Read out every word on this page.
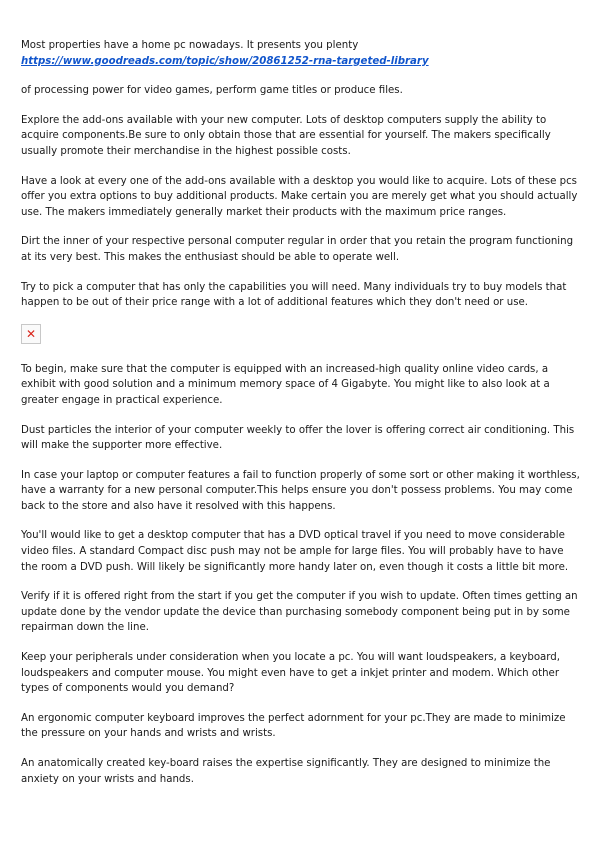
Most properties have a home pc nowadays. It presents you plenty

https://www.goodreads.com/topic/show/20861252-rna-targeted-library

of processing power for video games, perform game titles or produce files.

Explore the add-ons available with your new computer. Lots of desktop computers supply the ability to acquire components.Be sure to only obtain those that are essential for yourself. The makers specifically usually promote their merchandise in the highest possible costs.

Have a look at every one of the add-ons available with a desktop you would like to acquire. Lots of these pcs offer you extra options to buy additional products. Make certain you are merely get what you should actually use. The makers immediately generally market their products with the maximum price ranges.

Dirt the inner of your respective personal computer regular in order that you retain the program functioning at its very best. This makes the enthusiast should be able to operate well.

Try to pick a computer that has only the capabilities you will need. Many individuals try to buy models that happen to be out of their price range with a lot of additional features which they don't need or use.

✕

To begin, make sure that the computer is equipped with an increased-high quality online video cards, a exhibit with good solution and a minimum memory space of 4 Gigabyte. You might like to also look at a greater engage in practical experience.

Dust particles the interior of your computer weekly to offer the lover is offering correct air conditioning. This will make the supporter more effective.

In case your laptop or computer features a fail to function properly of some sort or other making it worthless, have a warranty for a new personal computer.This helps ensure you don't possess problems. You may come back to the store and also have it resolved with this happens.

You'll would like to get a desktop computer that has a DVD optical travel if you need to move considerable video files. A standard Compact disc push may not be ample for large files. You will probably have to have the room a DVD push. Will likely be significantly more handy later on, even though it costs a little bit more.

Verify if it is offered right from the start if you get the computer if you wish to update. Often times getting an update done by the vendor update the device than purchasing somebody component being put in by some repairman down the line.

Keep your peripherals under consideration when you locate a pc. You will want loudspeakers, a keyboard, loudspeakers and computer mouse. You might even have to get a inkjet printer and modem. Which other types of components would you demand?

An ergonomic computer keyboard improves the perfect adornment for your pc.They are made to minimize the pressure on your hands and wrists and wrists.

An anatomically created key-board raises the expertise significantly. They are designed to minimize the anxiety on your wrists and hands.
